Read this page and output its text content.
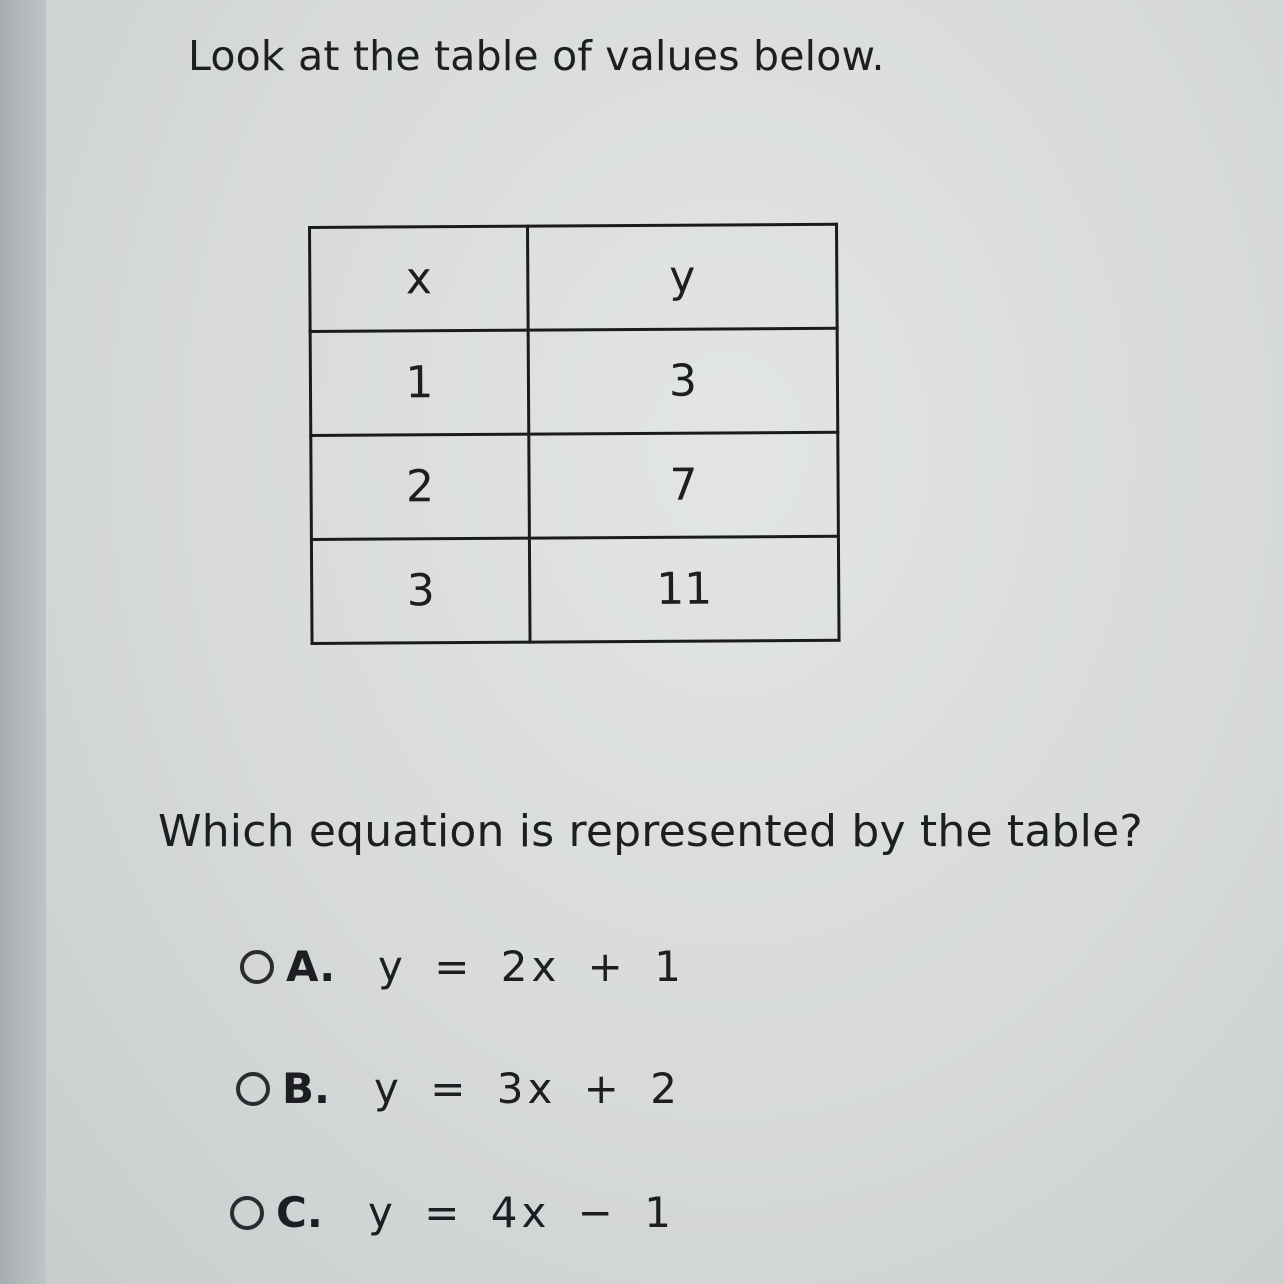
Look at the table of values below.

x	y
1	3
2	7
3	11

Which equation is represented by the table?

A.	y = 2x + 1
B.	y = 3x + 2
C.	y = 4x − 1
